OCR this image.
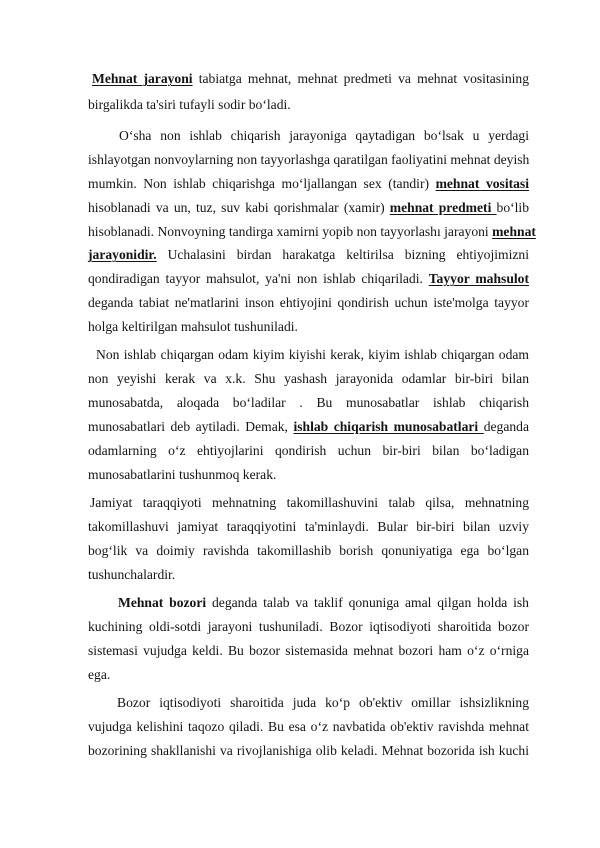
Mehnat jarayoni tabiatga mehnat, mehnat predmeti va mehnat vositasining
birgalikda ta'siri tufayli sodir bo‘ladi.
O‘sha non ishlab chiqarish jarayoniga qaytadigan bo‘lsak u yerdagi
ishlayotgan nonvoylarning non tayyorlashga qaratilgan faoliyatini mehnat deyish
mumkin. Non ishlab chiqarishga mo‘ljallangan sex (tandir) mehnat vositasi
hisoblanadi va un, tuz, suv kabi qorishmalar (xamir) mehnat predmeti bo‘lib
hisoblanadi. Nonvoyning tandirga xamirni yopib non tayyorlashı jarayoni mehnat
jarayonidir. Uchalasini birdan harakatga keltirilsa bizning ehtiyojimizni
qondiradigan tayyor mahsulot, ya'ni non ishlab chiqariladi. Tayyor mahsulot
deganda tabiat ne'matlarini inson ehtiyojini qondirish uchun iste'molga tayyor
holga keltirilgan mahsulot tushuniladi.
Non ishlab chiqargan odam kiyim kiyishi kerak, kiyim ishlab chiqargan odam
non yeyishi kerak va x.k. Shu yashash jarayonida odamlar bir-biri bilan
munosabatda, aloqada bo‘ladilar . Bu munosabatlar ishlab chiqarish
munosabatlari deb aytiladi. Demak, ishlab chiqarish munosabatlari deganda
odamlarning o‘z ehtiyojlarini qondirish uchun bir-biri bilan bo‘ladigan
munosabatlarini tushunmoq kerak.
Jamiyat taraqqiyoti mehnatning takomillashuvini talab qilsa, mehnatning
takomillashuvi jamiyat taraqqiyotini ta'minlaydi. Bular bir-biri bilan uzviy
bog‘lik va doimiy ravishda takomillashib borish qonuniyatiga ega bo‘lgan
tushunchalardir.
Mehnat bozori deganda talab va taklif qonuniga amal qilgan holda ish
kuchining oldi-sotdi jarayoni tushuniladi. Bozor iqtisodiyoti sharoitida bozor
sistemasi vujudga keldi. Bu bozor sistemasida mehnat bozori ham o‘z o‘rniga
ega.
Bozor iqtisodiyoti sharoitida juda ko‘p ob'ektiv omillar ishsizlikning
vujudga kelishini taqozo qiladi. Bu esa o‘z navbatida ob'ektiv ravishda mehnat
bozorining shakllanishi va rivojlanishiga olib keladi. Mehnat bozorida ish kuchi
